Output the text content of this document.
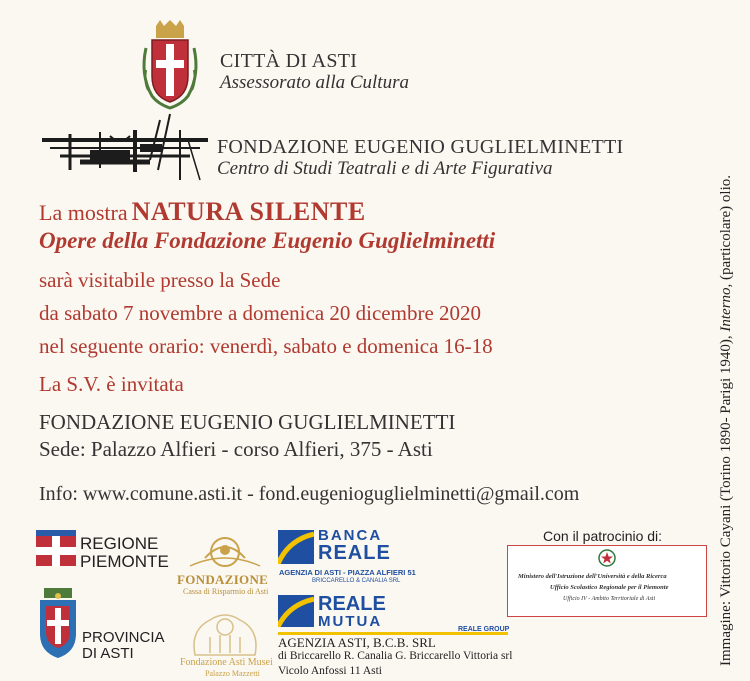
CITTÀ DI ASTI
Assessorato alla Cultura
FONDAZIONE EUGENIO GUGLIELMINETTI
Centro di Studi Teatrali e di Arte Figurativa
La mostra NATURA SILENTE
Opere della Fondazione Eugenio Guglielminetti
sarà visitabile presso la Sede
da sabato 7 novembre a domenica 20 dicembre 2020
nel seguente orario: venerdì, sabato e domenica 16-18
La S.V. è invitata
FONDAZIONE EUGENIO GUGLIELMINETTI
Sede: Palazzo Alfieri - corso Alfieri, 375 - Asti
Info: www.comune.asti.it - fond.eugenioguglielminetti@gmail.com	Immagine: Vittorio Cayani (Torino 1890- Parigi 1940), Interno, (particolare) olio.
REGIONE
PIEMONTE
PROVINCIA
DI ASTI
FONDAZIONE
Cassa di Risparmio di Asti
Fondazione Asti Musei
Palazzo Mazzetti
BANCA
REALE
AGENZIA DI ASTI - PIAZZA ALFIERI 51
BRICCARELLO & CANALIA SRL
REALE
MUTUA	REALE GROUP
AGENZIA ASTI, B.C.B. SRL
di Briccarello R. Canalia G. Briccarello Vittoria srl
Vicolo Anfossi 11 Asti
Con il patrocinio di:
Ministero dell'Istruzione dell'Università e della Ricerca
Ufficio Scolastico Regionale per il Piemonte
Ufficio IV - Ambito Territoriale di Asti
